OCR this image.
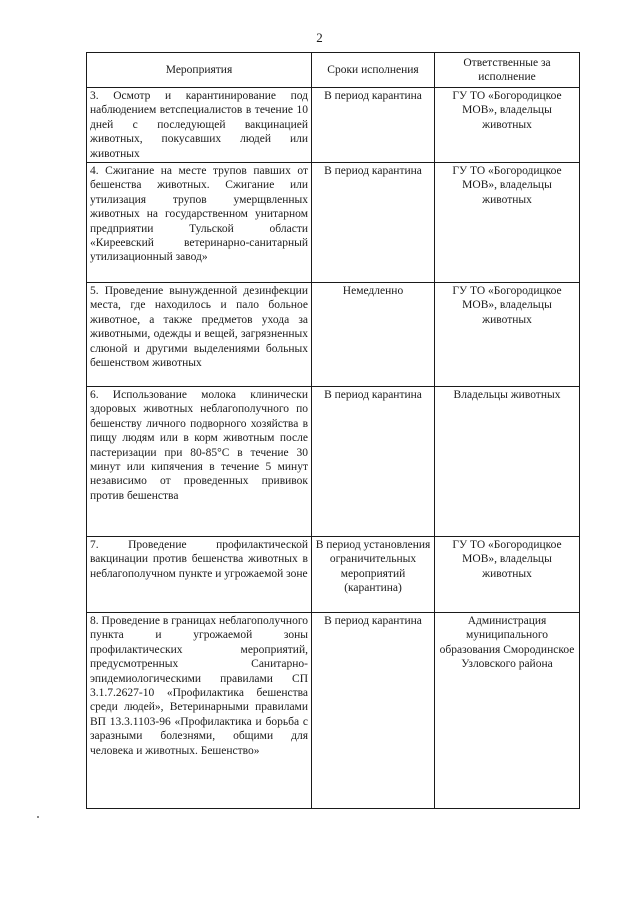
2
Мероприятия	Сроки исполнения	Ответственные за исполнение
3. Осмотр и карантинирование под наблюдением ветспециалистов в течение 10 дней с последующей вакцинацией животных, покусавших людей или животных	В период карантина	ГУ ТО «Богородицкое МОВ», владельцы животных
4. Сжигание на месте трупов павших от бешенства животных. Сжигание или утилизация трупов умерщвленных животных на государственном унитарном предприятии Тульской области «Киреевский ветеринарно-санитарный утилизационный завод»	В период карантина	ГУ ТО «Богородицкое МОВ», владельцы животных
5. Проведение вынужденной дезинфекции места, где находилось и пало больное животное, а также предметов ухода за животными, одежды и вещей, загрязненных слюной и другими выделениями больных бешенством животных	Немедленно	ГУ ТО «Богородицкое МОВ», владельцы животных
6. Использование молока клинически здоровых животных неблагополучного по бешенству личного подворного хозяйства в пищу людям или в корм животным после пастеризации при 80-85°С в течение 30 минут или кипячения в течение 5 минут независимо от проведенных прививок против бешенства	В период карантина	Владельцы животных
7. Проведение профилактической вакцинации против бешенства животных в неблагополучном пункте и угрожаемой зоне	В период установления ограничительных мероприятий (карантина)	ГУ ТО «Богородицкое МОВ», владельцы животных
8. Проведение в границах неблагополучного пункта и угрожаемой зоны профилактических мероприятий, предусмотренных Санитарно-эпидемиологическими правилами СП 3.1.7.2627-10 «Профилактика бешенства среди людей», Ветеринарными правилами ВП 13.3.1103-96 «Профилактика и борьба с заразными болезнями, общими для человека и животных. Бешенство»	В период карантина	Администрация муниципального образования Смородинское Узловского района
